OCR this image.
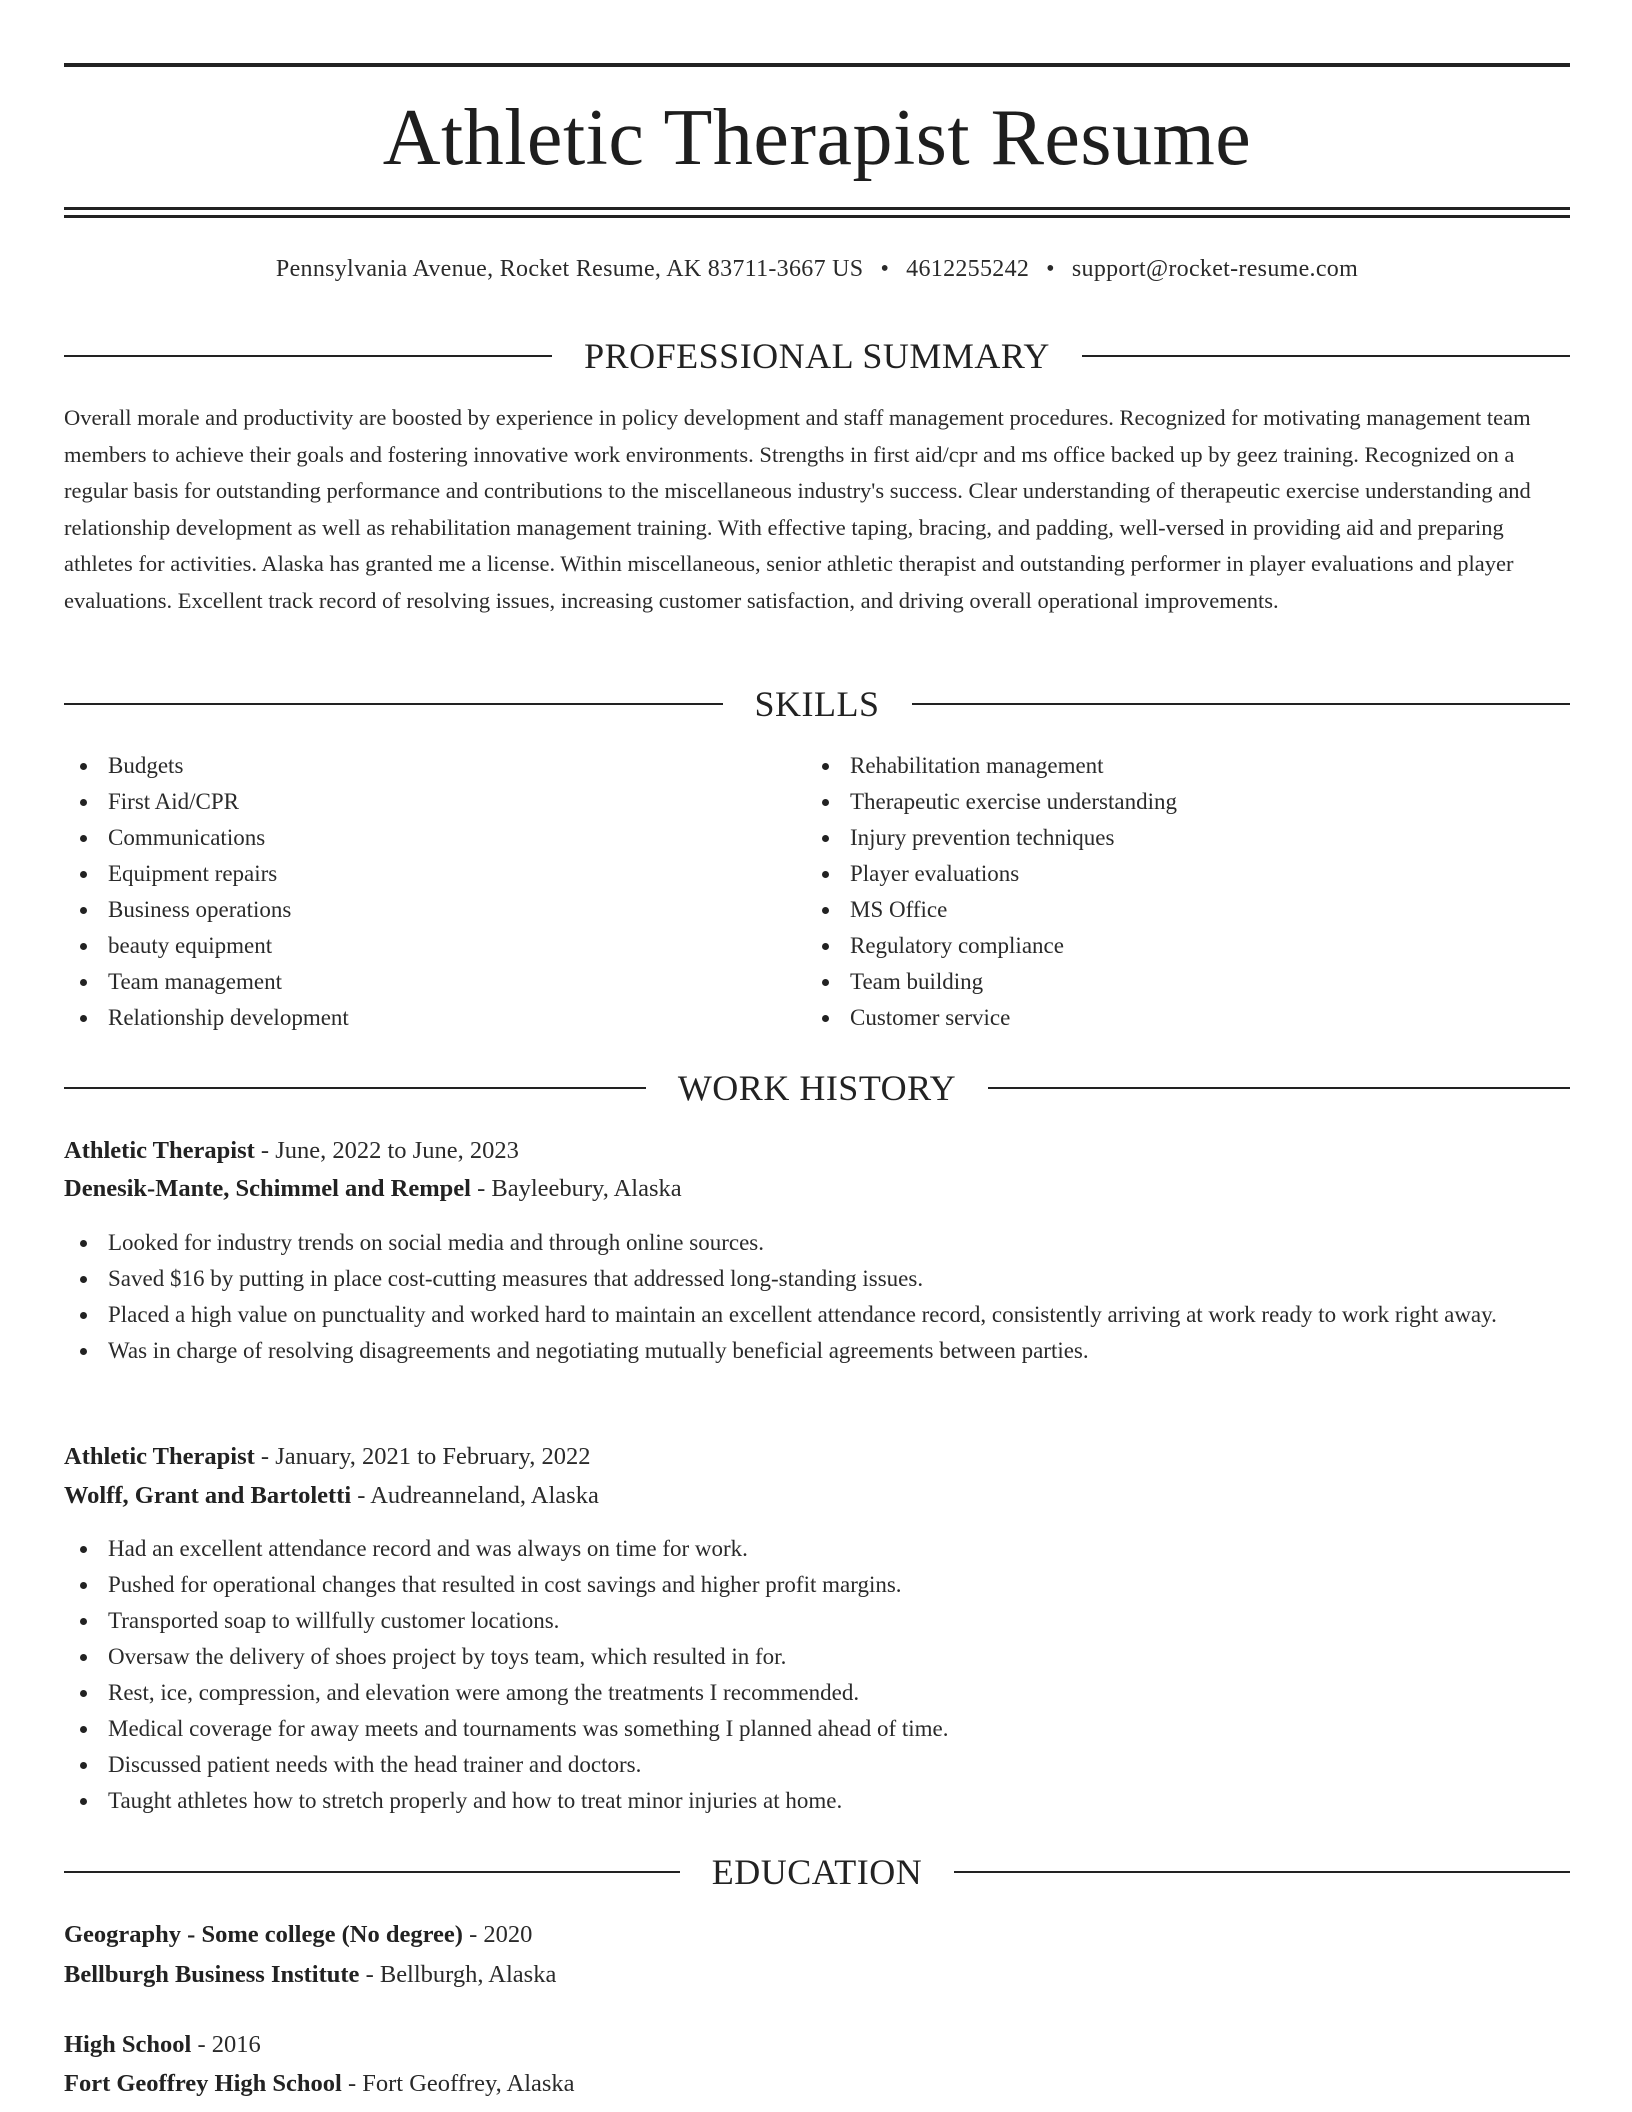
Athletic Therapist Resume
Pennsylvania Avenue, Rocket Resume, AK 83711-3667 US • 4612255242 • support@rocket-resume.com
PROFESSIONAL SUMMARY

Overall morale and productivity are boosted by experience in policy development and staff management procedures. Recognized for motivating management team members to achieve their goals and fostering innovative work environments. Strengths in first aid/cpr and ms office backed up by geez training. Recognized on a regular basis for outstanding performance and contributions to the miscellaneous industry's success. Clear understanding of therapeutic exercise understanding and relationship development as well as rehabilitation management training. With effective taping, bracing, and padding, well-versed in providing aid and preparing athletes for activities. Alaska has granted me a license. Within miscellaneous, senior athletic therapist and outstanding performer in player evaluations and player evaluations. Excellent track record of resolving issues, increasing customer satisfaction, and driving overall operational improvements.

SKILLS
Budgets
First Aid/CPR
Communications
Equipment repairs
Business operations
beauty equipment
Team management
Relationship development
Rehabilitation management
Therapeutic exercise understanding
Injury prevention techniques
Player evaluations
MS Office
Regulatory compliance
Team building
Customer service
WORK HISTORY
Athletic Therapist - June, 2022 to June, 2023
Denesik-Mante, Schimmel and Rempel - Bayleebury, Alaska
Looked for industry trends on social media and through online sources.
Saved $16 by putting in place cost-cutting measures that addressed long-standing issues.
Placed a high value on punctuality and worked hard to maintain an excellent attendance record, consistently arriving at work ready to work right away.
Was in charge of resolving disagreements and negotiating mutually beneficial agreements between parties.
Athletic Therapist - January, 2021 to February, 2022
Wolff, Grant and Bartoletti - Audreanneland, Alaska
Had an excellent attendance record and was always on time for work.
Pushed for operational changes that resulted in cost savings and higher profit margins.
Transported soap to willfully customer locations.
Oversaw the delivery of shoes project by toys team, which resulted in for.
Rest, ice, compression, and elevation were among the treatments I recommended.
Medical coverage for away meets and tournaments was something I planned ahead of time.
Discussed patient needs with the head trainer and doctors.
Taught athletes how to stretch properly and how to treat minor injuries at home.
EDUCATION
Geography - Some college (No degree) - 2020
Bellburgh Business Institute - Bellburgh, Alaska
High School - 2016
Fort Geoffrey High School - Fort Geoffrey, Alaska
